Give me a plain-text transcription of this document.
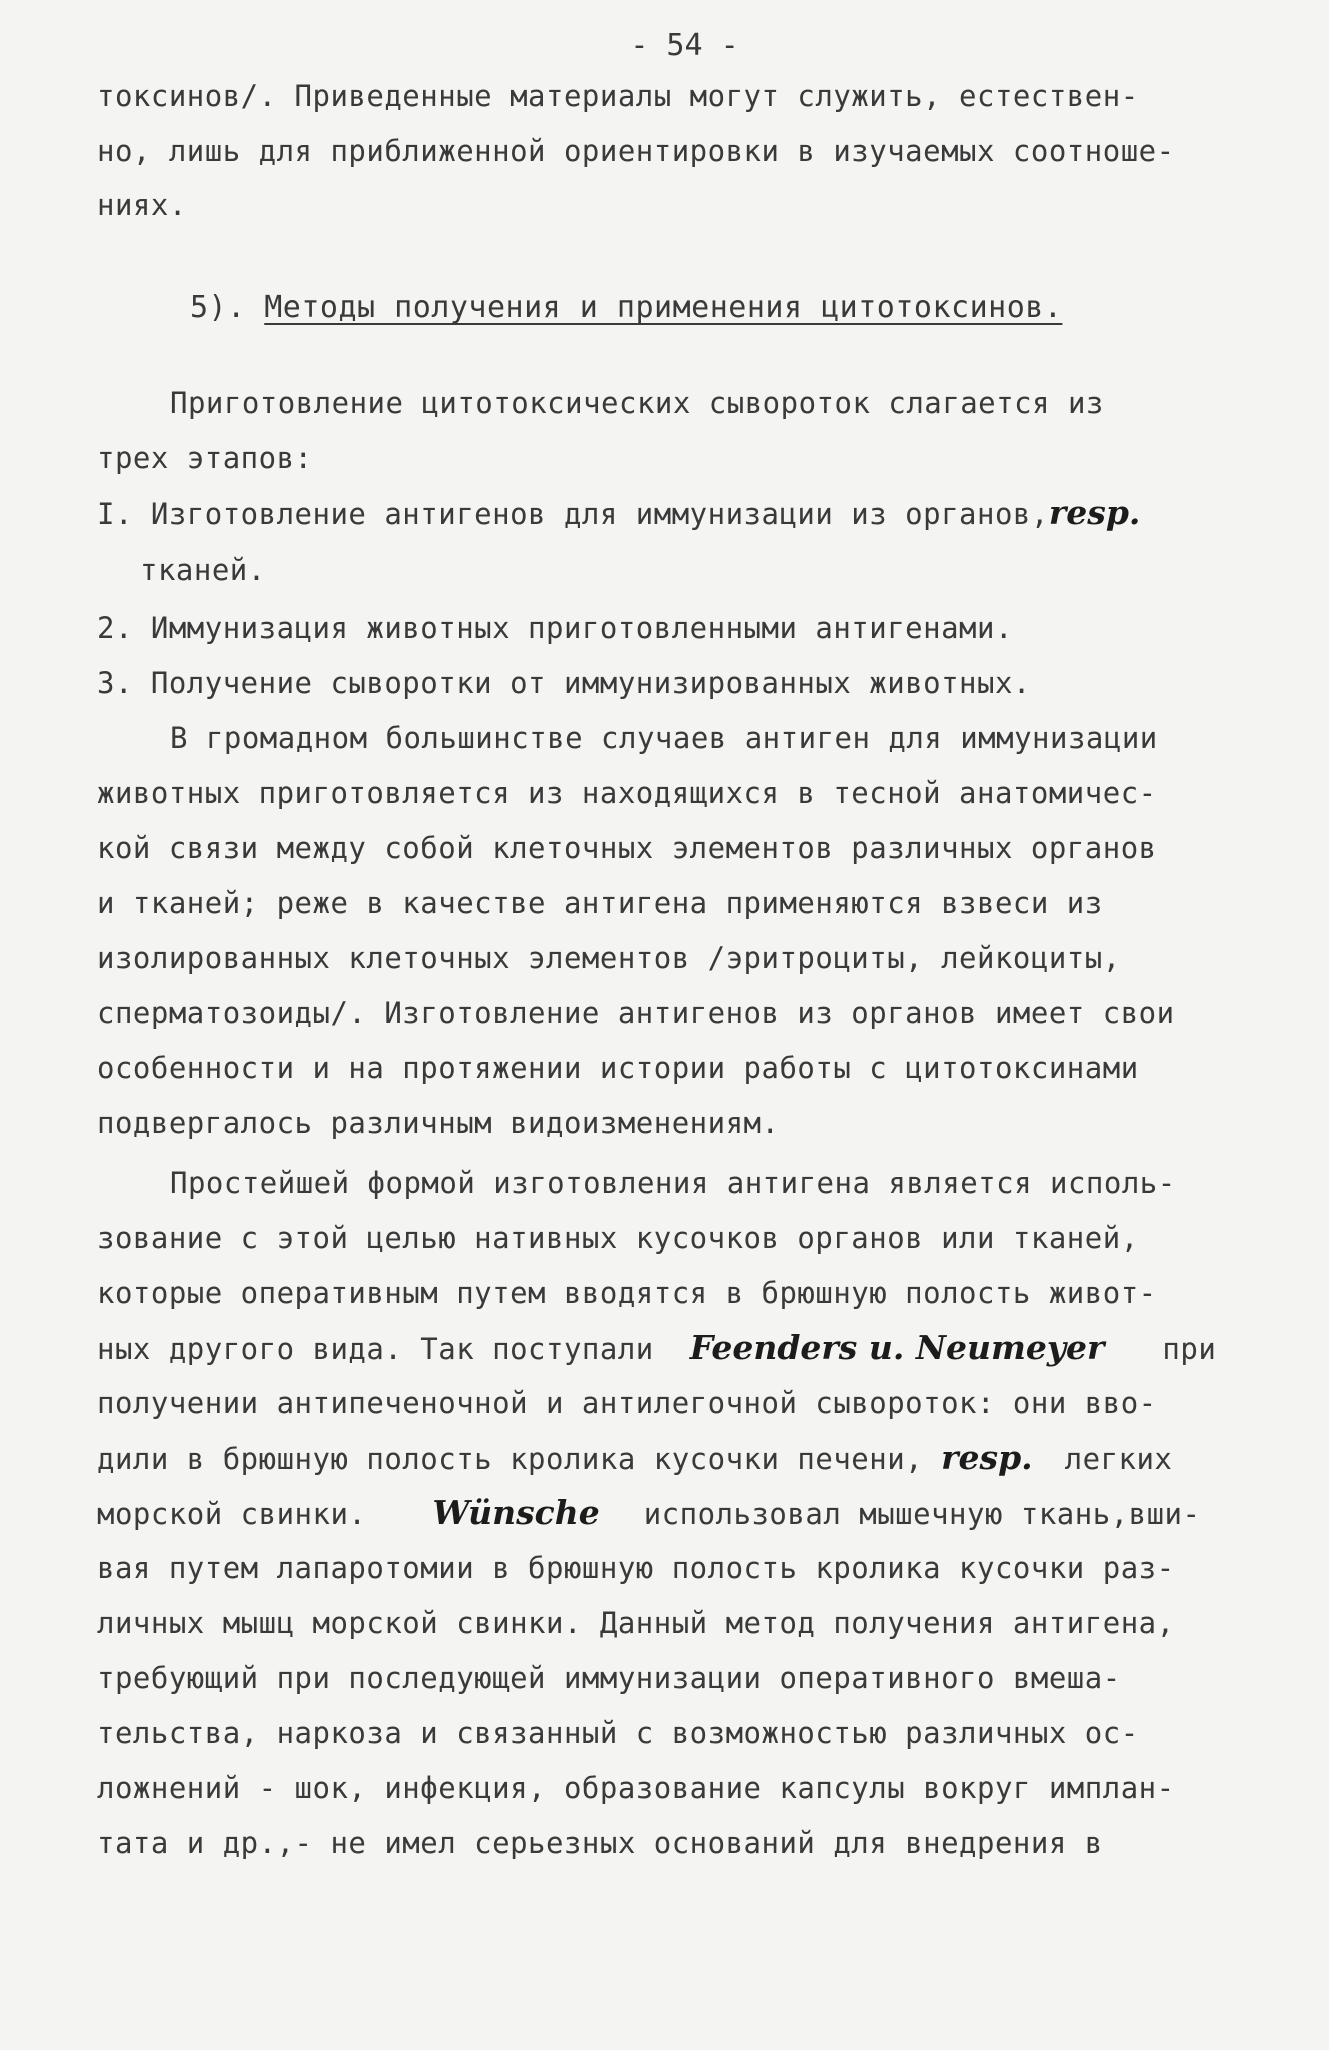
- 54 -
токсинов/. Приведенные материалы могут служить, естествен-
но, лишь для приближенной ориентировки в изучаемых соотноше-
ниях.
5). Методы получения и применения цитотоксинов.
Приготовление цитотоксических сывороток слагается из
трех этапов:
I. Изготовление антигенов для иммунизации из органов,resp.
тканей.
2. Иммунизация животных приготовленными антигенами.
3. Получение сыворотки от иммунизированных животных.
В громадном большинстве случаев антиген для иммунизации
животных приготовляется из находящихся в тесной анатомичес-
кой связи между собой клеточных элементов различных органов
и тканей; реже в качестве антигена применяются взвеси из
изолированных клеточных элементов /эритроциты, лейкоциты,
сперматозоиды/. Изготовление антигенов из органов имеет свои
особенности и на протяжении истории работы с цитотоксинами
подвергалось различным видоизменениям.
Простейшей формой изготовления антигена является исполь-
зование с этой целью нативных кусочков органов или тканей,
которые оперативным путем вводятся в брюшную полость живот-
ных другого вида. Так поступали Feenders u. Neumeyer при
получении антипеченочной и антилегочной сывороток: они вво-
дили в брюшную полость кролика кусочки печени, resp. легких
морской свинки. Wünsche использовал мышечную ткань,вши-
вая путем лапаротомии в брюшную полость кролика кусочки раз-
личных мышц морской свинки. Данный метод получения антигена,
требующий при последующей иммунизации оперативного вмеша-
тельства, наркоза и связанный с возможностью различных ос-
ложнений - шок, инфекция, образование капсулы вокруг имплан-
тата и др.,- не имел серьезных оснований для внедрения в
